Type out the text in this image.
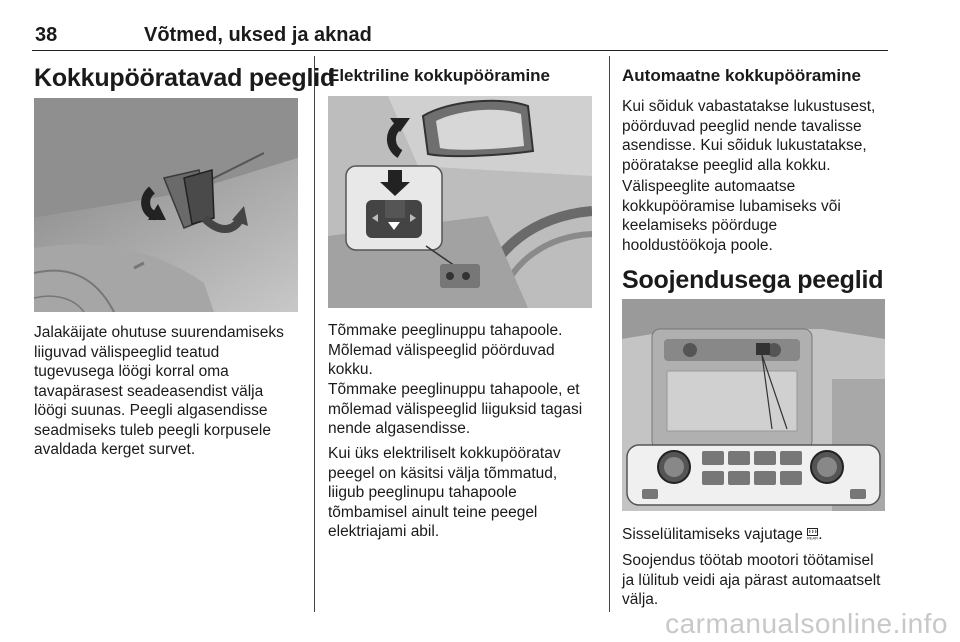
38	Võtmed, uksed ja aknad
Kokkupööratavad peeglid
Jalakäijate ohutuse suurendamiseks
liiguvad välispeeglid teatud
tugevusega löögi korral oma
tavapärasest seadeasendist välja
löögi suunas. Peegli algasendisse
seadmiseks tuleb peegli korpusele
avaldada kerget survet.
Elektriline kokkupööramine
Tõmmake peeglinuppu tahapoole.
Mõlemad välispeeglid pöörduvad
kokku.
Tõmmake peeglinuppu tahapoole, et
mõlemad välispeeglid liiguksid tagasi
nende algasendisse.
Kui üks elektriliselt kokkupööratav
peegel on käsitsi välja tõmmatud,
liigub peeglinupu tahapoole
tõmbamisel ainult teine peegel
elektriajami abil.
Automaatne kokkupööramine
Kui sõiduk vabastatakse lukustusest,
pöörduvad peeglid nende tavalisse
asendisse. Kui sõiduk lukustatakse,
pööratakse peeglid alla kokku.
Välispeeglite automaatse
kokkupööramise lubamiseks või
keelamiseks pöörduge
hooldustöökoja poole.
Soojendusega peeglid
Sisselülitamiseks vajutage REAR .
Soojendus töötab mootori töötamisel
ja lülitub veidi aja pärast automaatselt
välja.
carmanualsonline.info
